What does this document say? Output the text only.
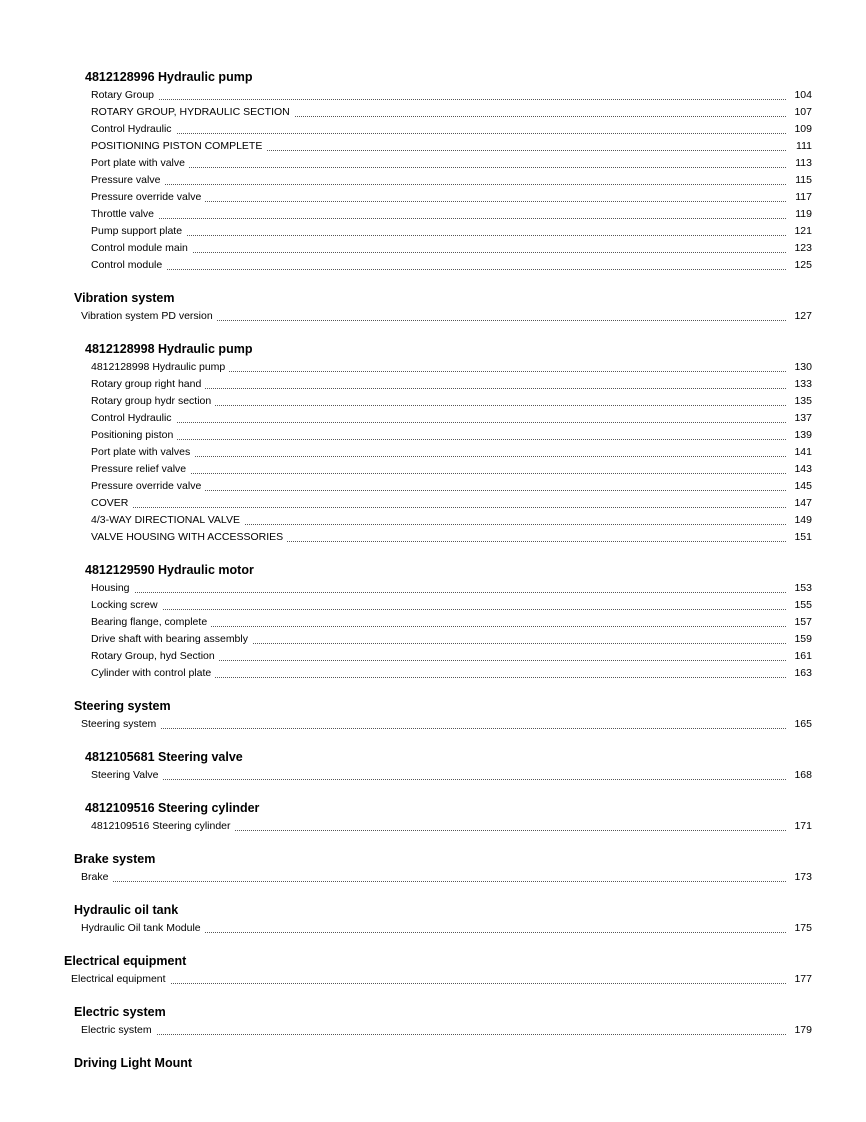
4812128996 Hydraulic pump
Rotary Group	104
ROTARY GROUP, HYDRAULIC SECTION	107
Control Hydraulic	109
POSITIONING PISTON COMPLETE	111
Port plate with valve	113
Pressure valve	115
Pressure override valve	117
Throttle valve	119
Pump support plate	121
Control module main	123
Control module	125
Vibration system
Vibration system PD version	127
4812128998 Hydraulic pump
4812128998 Hydraulic pump	130
Rotary group right hand	133
Rotary group hydr section	135
Control Hydraulic	137
Positioning piston	139
Port plate with valves	141
Pressure relief valve	143
Pressure override valve	145
COVER	147
4/3-WAY DIRECTIONAL VALVE	149
VALVE HOUSING WITH ACCESSORIES	151
4812129590 Hydraulic motor
Housing	153
Locking screw	155
Bearing flange, complete	157
Drive shaft with bearing assembly	159
Rotary Group, hyd Section	161
Cylinder with control plate	163
Steering system
Steering system	165
4812105681 Steering valve
Steering Valve	168
4812109516 Steering cylinder
4812109516 Steering cylinder	171
Brake system
Brake	173
Hydraulic oil tank
Hydraulic Oil tank Module	175
Electrical equipment
Electrical equipment	177
Electric system
Electric system	179
Driving Light Mount
